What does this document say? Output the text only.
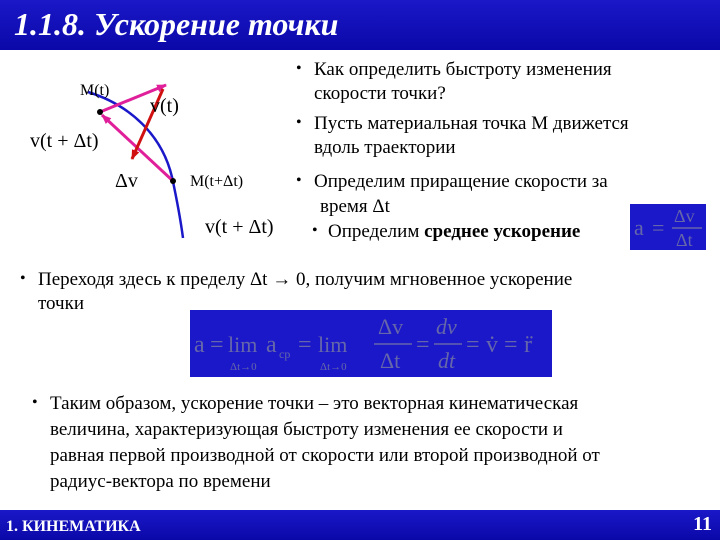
1.1.8. Ускорение точки
M(t)
v(t)
v(t + Δt)
Δv	M(t+Δt)
v(t + Δt)
• Как определить быстроту изменения
скорости точки?
• Пусть материальная точка М движется
вдоль траектории
• Определим приращение скорости за
время Δt
• Определим среднее ускорение a = Δv
Δt
• Переходя здесь к пределу Δt → 0, получим мгновенное ускорение
точки
a = lim
Δt→0
a ср = lim
Δt→0
Δv
Δt
=
dv
dt
= v̇ = r̈
• Таким образом, ускорение точки – это векторная кинематическая
величина, характеризующая быстроту изменения ее скорости и
равная первой производной от скорости или второй производной от
радиус-вектора по времени
1. КИНЕМАТИКА	11
